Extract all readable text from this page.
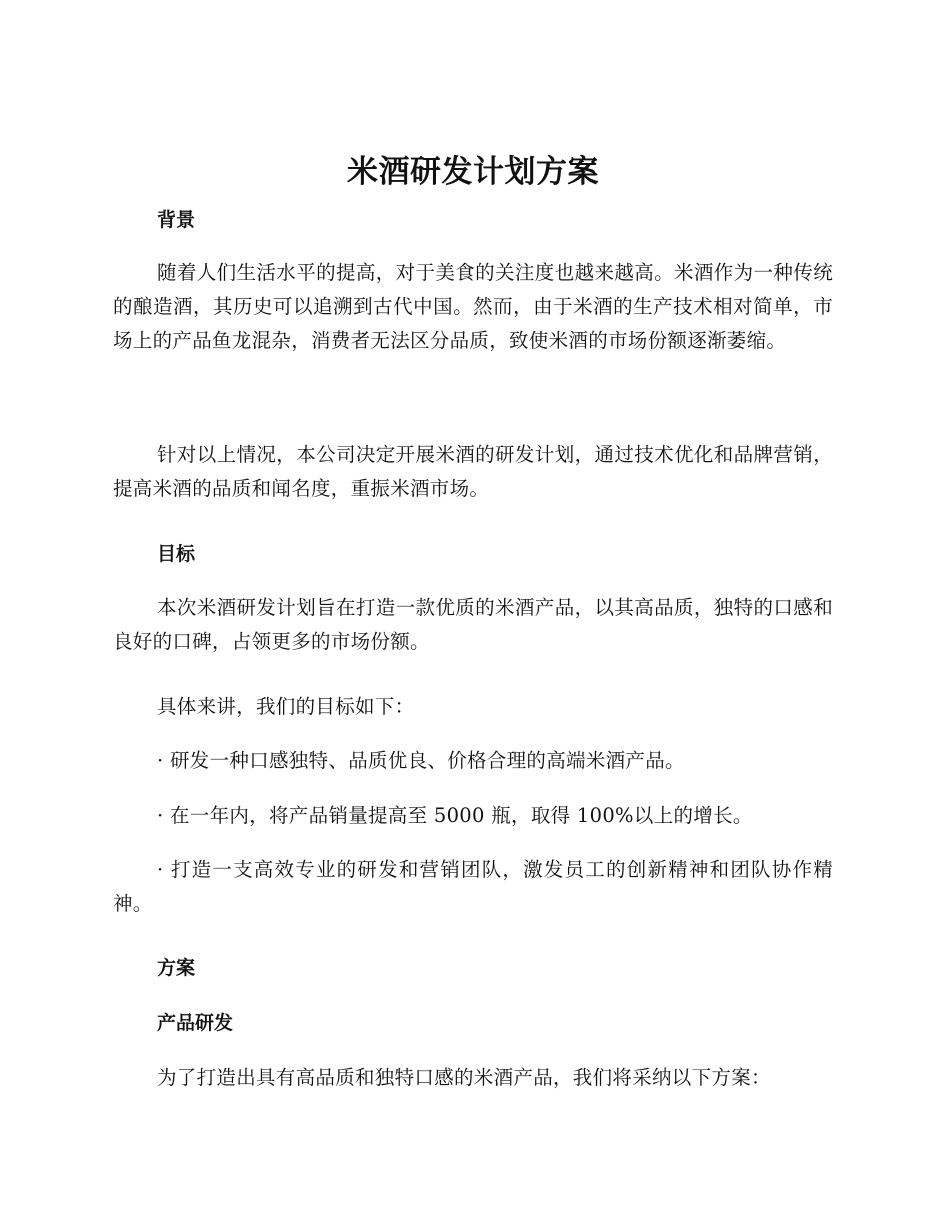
米酒研发计划方案
背景

随着人们生活水平的提高，对于美食的关注度也越来越高。米酒作为一种传统的酿造酒，其历史可以追溯到古代中国。然而，由于米酒的生产技术相对简单，市场上的产品鱼龙混杂，消费者无法区分品质，致使米酒的市场份额逐渐萎缩。

针对以上情况，本公司决定开展米酒的研发计划，通过技术优化和品牌营销，提高米酒的品质和闻名度，重振米酒市场。

目标

本次米酒研发计划旨在打造一款优质的米酒产品，以其高品质，独特的口感和良好的口碑，占领更多的市场份额。

具体来讲，我们的目标如下：

· 研发一种口感独特、品质优良、价格合理的高端米酒产品。

· 在一年内，将产品销量提高至 5000 瓶，取得 100%以上的增长。

· 打造一支高效专业的研发和营销团队，激发员工的创新精神和团队协作精神。

方案
产品研发

为了打造出具有高品质和独特口感的米酒产品，我们将采纳以下方案：
